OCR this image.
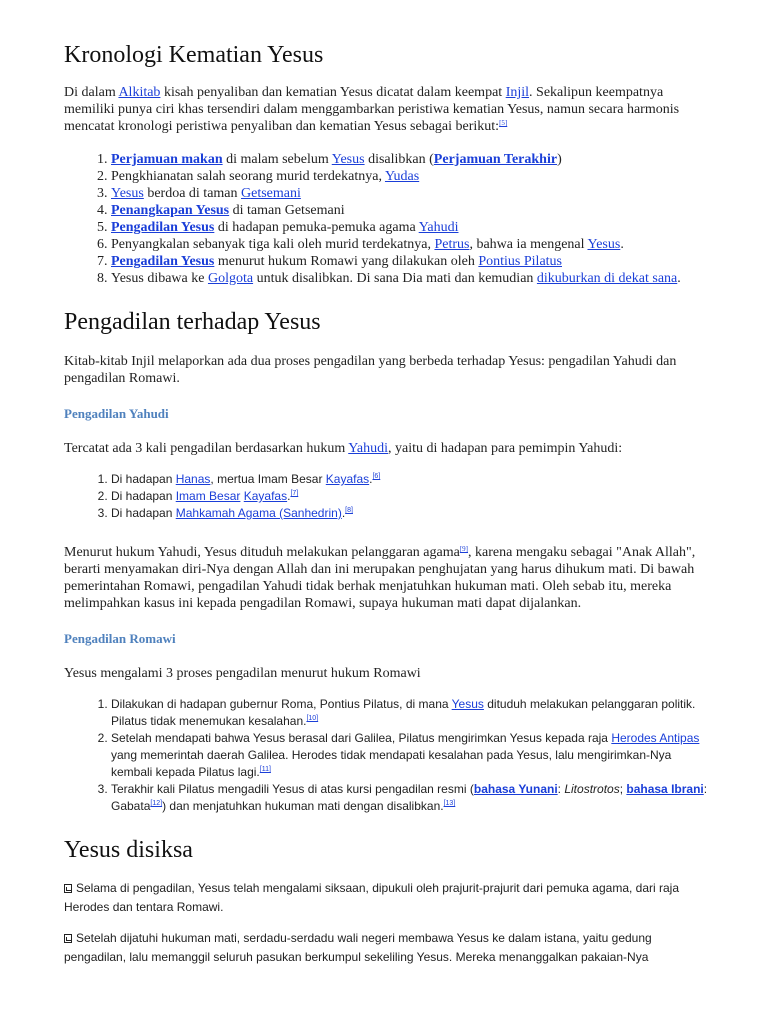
Kronologi Kematian Yesus

Di dalam Alkitab kisah penyaliban dan kematian Yesus dicatat dalam keempat Injil. Sekalipun keempatnya memiliki punya ciri khas tersendiri dalam menggambarkan peristiwa kematian Yesus, namun secara harmonis mencatat kronologi peristiwa penyaliban dan kematian Yesus sebagai berikut:[5]

1. Perjamuan makan di malam sebelum Yesus disalibkan (Perjamuan Terakhir)
2. Pengkhianatan salah seorang murid terdekatnya, Yudas
3. Yesus berdoa di taman Getsemani
4. Penangkapan Yesus di taman Getsemani
5. Pengadilan Yesus di hadapan pemuka-pemuka agama Yahudi
6. Penyangkalan sebanyak tiga kali oleh murid terdekatnya, Petrus, bahwa ia mengenal Yesus.
7. Pengadilan Yesus menurut hukum Romawi yang dilakukan oleh Pontius Pilatus
8. Yesus dibawa ke Golgota untuk disalibkan. Di sana Dia mati dan kemudian dikuburkan di dekat sana.
Pengadilan terhadap Yesus

Kitab-kitab Injil melaporkan ada dua proses pengadilan yang berbeda terhadap Yesus: pengadilan Yahudi dan pengadilan Romawi.

Pengadilan Yahudi

Tercatat ada 3 kali pengadilan berdasarkan hukum Yahudi, yaitu di hadapan para pemimpin Yahudi:

1. Di hadapan Hanas, mertua Imam Besar Kayafas.[6]
2. Di hadapan Imam Besar Kayafas.[7]
3. Di hadapan Mahkamah Agama (Sanhedrin).[8]

Menurut hukum Yahudi, Yesus dituduh melakukan pelanggaran agama[9], karena mengaku sebagai "Anak Allah", berarti menyamakan diri-Nya dengan Allah dan ini merupakan penghujatan yang harus dihukum mati. Di bawah pemerintahan Romawi, pengadilan Yahudi tidak berhak menjatuhkan hukuman mati. Oleh sebab itu, mereka melimpahkan kasus ini kepada pengadilan Romawi, supaya hukuman mati dapat dijalankan.

Pengadilan Romawi

Yesus mengalami 3 proses pengadilan menurut hukum Romawi

1. Dilakukan di hadapan gubernur Roma, Pontius Pilatus, di mana Yesus dituduh melakukan pelanggaran politik. Pilatus tidak menemukan kesalahan.[10]
2. Setelah mendapati bahwa Yesus berasal dari Galilea, Pilatus mengirimkan Yesus kepada raja Herodes Antipas yang memerintah daerah Galilea. Herodes tidak mendapati kesalahan pada Yesus, lalu mengirimkan-Nya kembali kepada Pilatus lagi.[11]
3. Terakhir kali Pilatus mengadili Yesus di atas kursi pengadilan resmi (bahasa Yunani: Litostrotos; bahasa Ibrani: Gabata[12]) dan menjatuhkan hukuman mati dengan disalibkan.[13]
Yesus disiksa

Selama di pengadilan, Yesus telah mengalami siksaan, dipukuli oleh prajurit-prajurit dari pemuka agama, dari raja Herodes dan tentara Romawi.

Setelah dijatuhi hukuman mati, serdadu-serdadu wali negeri membawa Yesus ke dalam istana, yaitu gedung pengadilan, lalu memanggil seluruh pasukan berkumpul sekeliling Yesus. Mereka menanggalkan pakaian-Nya
